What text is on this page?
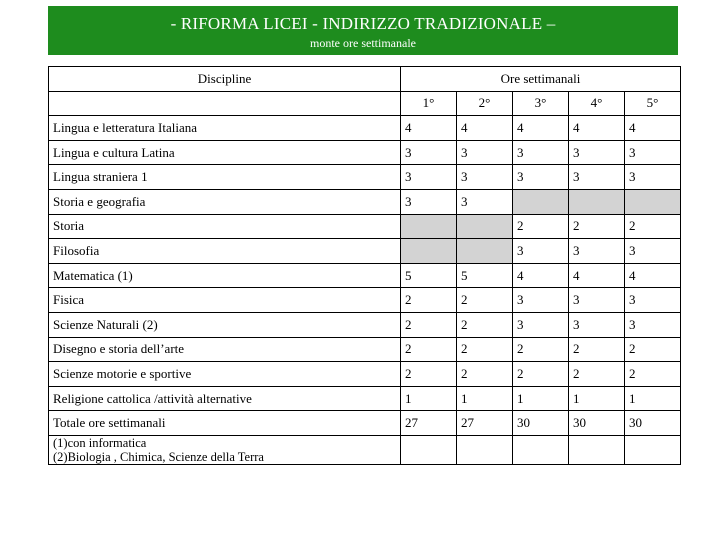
- RIFORMA LICEI - INDIRIZZO TRADIZIONALE –
monte ore settimanale
Discipline	Ore settimanali				
	1°	2°	3°	4°	5°
Lingua e letteratura Italiana	4	4	4	4	4
Lingua e cultura Latina	3	3	3	3	3
Lingua straniera 1	3	3	3	3	3
Storia e geografia	3	3			
Storia			2	2	2
Filosofia			3	3	3
Matematica (1)	5	5	4	4	4
Fisica	2	2	3	3	3
Scienze Naturali (2)	2	2	3	3	3
Disegno e storia dell’arte	2	2	2	2	2
Scienze motorie e sportive	2	2	2	2	2
Religione cattolica /attività alternative	1	1	1	1	1
Totale ore settimanali	27	27	30	30	30

(1)con informatica
(2)Biologia , Chimica, Scienze della Terra					
